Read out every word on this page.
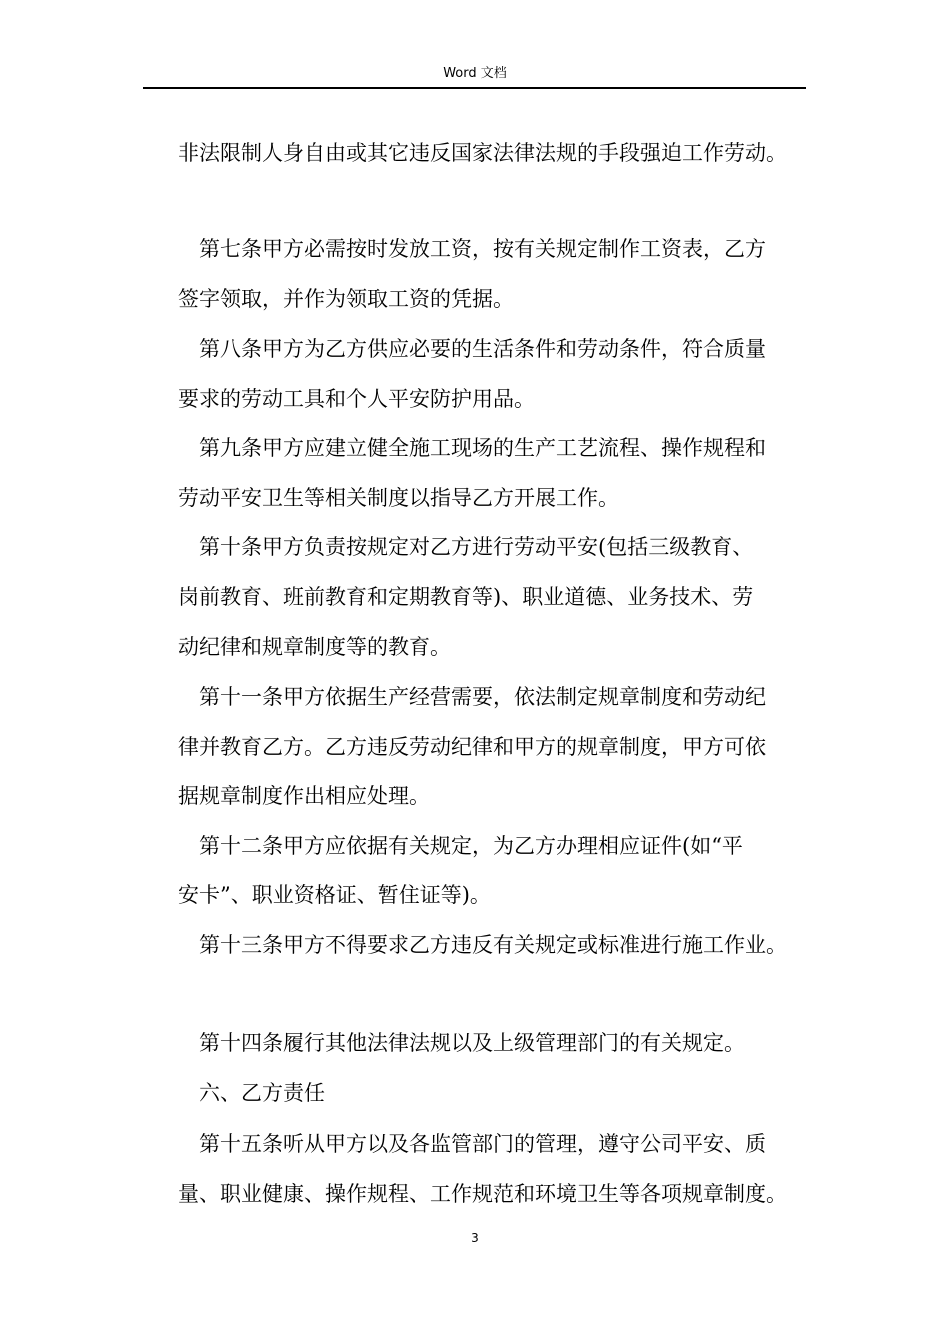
Word 文档
非法限制人身自由或其它违反国家法律法规的手段强迫工作劳动。
第七条甲方必需按时发放工资，按有关规定制作工资表，乙方
签字领取，并作为领取工资的凭据。
第八条甲方为乙方供应必要的生活条件和劳动条件，符合质量
要求的劳动工具和个人平安防护用品。
第九条甲方应建立健全施工现场的生产工艺流程、操作规程和
劳动平安卫生等相关制度以指导乙方开展工作。
第十条甲方负责按规定对乙方进行劳动平安(包括三级教育、
岗前教育、班前教育和定期教育等)、职业道德、业务技术、劳
动纪律和规章制度等的教育。
第十一条甲方依据生产经营需要，依法制定规章制度和劳动纪
律并教育乙方。乙方违反劳动纪律和甲方的规章制度，甲方可依
据规章制度作出相应处理。
第十二条甲方应依据有关规定，为乙方办理相应证件(如“平
安卡”、职业资格证、暂住证等)。
第十三条甲方不得要求乙方违反有关规定或标准进行施工作业。
第十四条履行其他法律法规以及上级管理部门的有关规定。
六、乙方责任
第十五条听从甲方以及各监管部门的管理，遵守公司平安、质
量、职业健康、操作规程、工作规范和环境卫生等各项规章制度。
3
